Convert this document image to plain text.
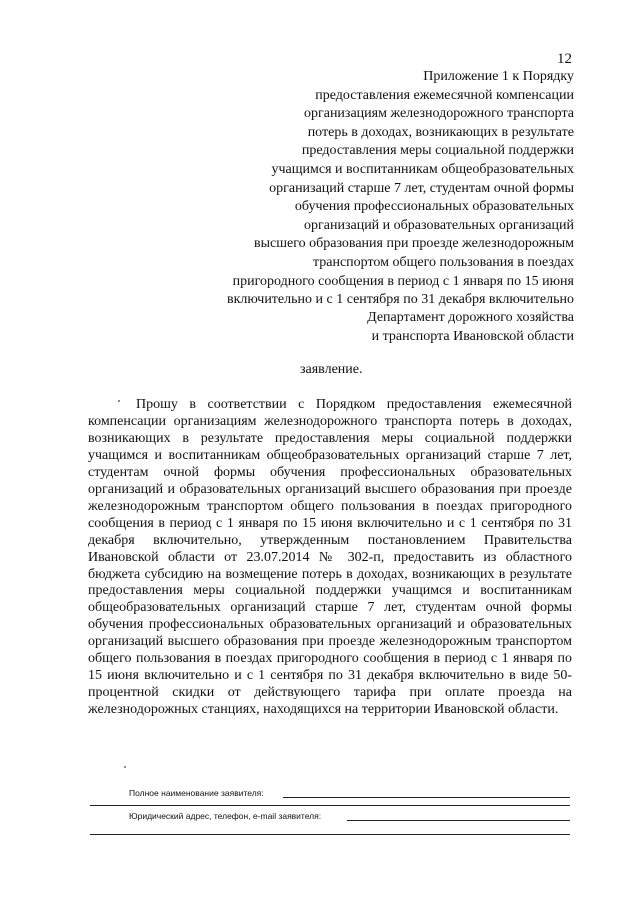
12
Приложение 1 к Порядку
предоставления ежемесячной компенсации
организациям железнодорожного транспорта
потерь в доходах, возникающих в результате
предоставления меры социальной поддержки
учащимся и воспитанникам общеобразовательных
организаций старше 7 лет, студентам очной формы
обучения профессиональных образовательных
организаций и образовательных организаций
высшего образования при проезде железнодорожным
транспортом общего пользования в поездах
пригородного сообщения в период с 1 января по 15 июня
включительно и с 1 сентября по 31 декабря включительно
Департамент дорожного хозяйства
и транспорта Ивановской области
заявление.
Прошу в соответствии с Порядком предоставления ежемесячной компенсации организациям железнодорожного транспорта потерь в доходах, возникающих в результате предоставления меры социальной поддержки учащимся и воспитанникам общеобразовательных организаций старше 7 лет, студентам очной формы обучения профессиональных образовательных организаций и образовательных организаций высшего образования при проезде железнодорожным транспортом общего пользования в поездах пригородного сообщения в период с 1 января по 15 июня включительно и с 1 сентября по 31 декабря включительно, утвержденным постановлением Правительства Ивановской области от 23.07.2014 № 302-п, предоставить из областного бюджета субсидию на возмещение потерь в доходах, возникающих в результате предоставления меры социальной поддержки учащимся и воспитанникам общеобразовательных организаций старше 7 лет, студентам очной формы обучения профессиональных образовательных организаций и образовательных организаций высшего образования при проезде железнодорожным транспортом общего пользования в поездах пригородного сообщения в период с 1 января по 15 июня включительно и с 1 сентября по 31 декабря включительно в виде 50-процентной скидки от действующего тарифа при оплате проезда на железнодорожных станциях, находящихся на территории Ивановской области.
Полное наименование заявителя:
Юридический адрес, телефон, e-mail заявителя:
